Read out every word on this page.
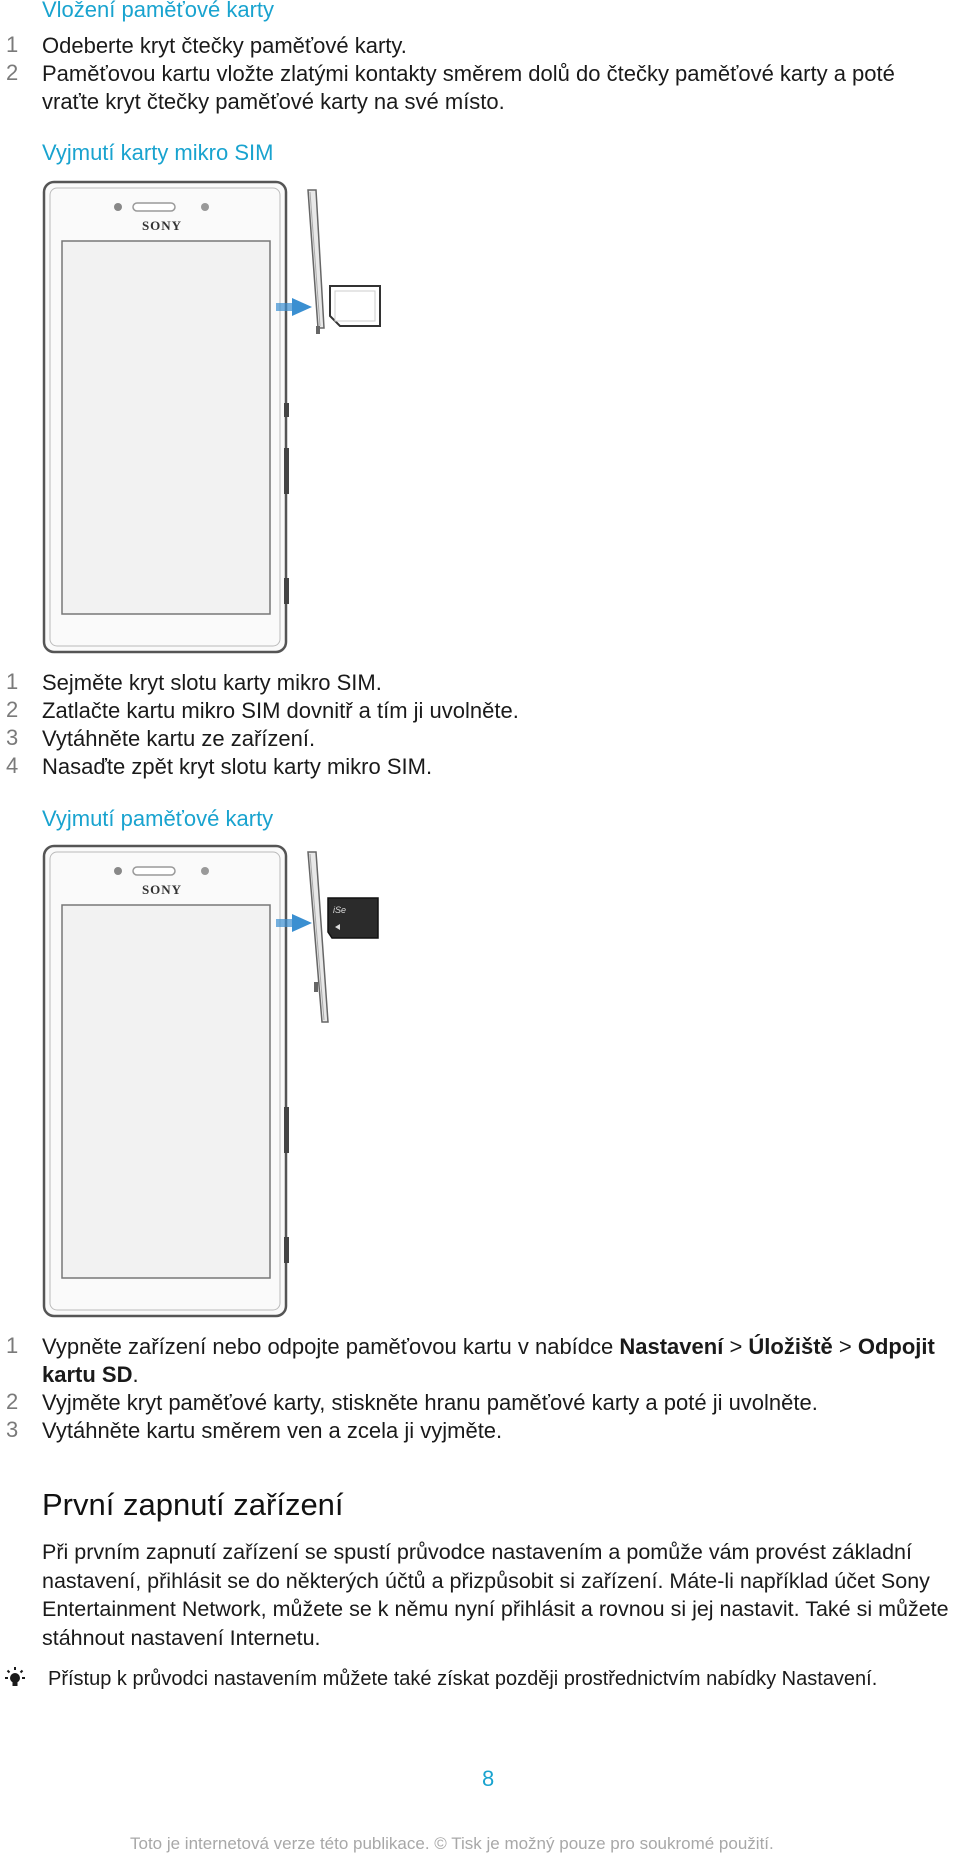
Vložení paměťové karty
1	Odeberte kryt čtečky paměťové karty.
2	Paměťovou kartu vložte zlatými kontakty směrem dolů do čtečky paměťové karty a poté vraťte kryt čtečky paměťové karty na své místo.
Vyjmutí karty mikro SIM
SONY
1	Sejměte kryt slotu karty mikro SIM.
2	Zatlačte kartu mikro SIM dovnitř a tím ji uvolněte.
3	Vytáhněte kartu ze zařízení.
4	Nasaďte zpět kryt slotu karty mikro SIM.
Vyjmutí paměťové karty
SONY
iSe
1	Vypněte zařízení nebo odpojte paměťovou kartu v nabídce Nastavení > Úložiště > Odpojit kartu SD.
2	Vyjměte kryt paměťové karty, stiskněte hranu paměťové karty a poté ji uvolněte.
3	Vytáhněte kartu směrem ven a zcela ji vyjměte.
První zapnutí zařízení
Při prvním zapnutí zařízení se spustí průvodce nastavením a pomůže vám provést základní nastavení, přihlásit se do některých účtů a přizpůsobit si zařízení. Máte-li například účet Sony Entertainment Network, můžete se k němu nyní přihlásit a rovnou si jej nastavit. Také si můžete stáhnout nastavení Internetu.
Přístup k průvodci nastavením můžete také získat později prostřednictvím nabídky Nastavení.
8
Toto je internetová verze této publikace. © Tisk je možný pouze pro soukromé použití.
